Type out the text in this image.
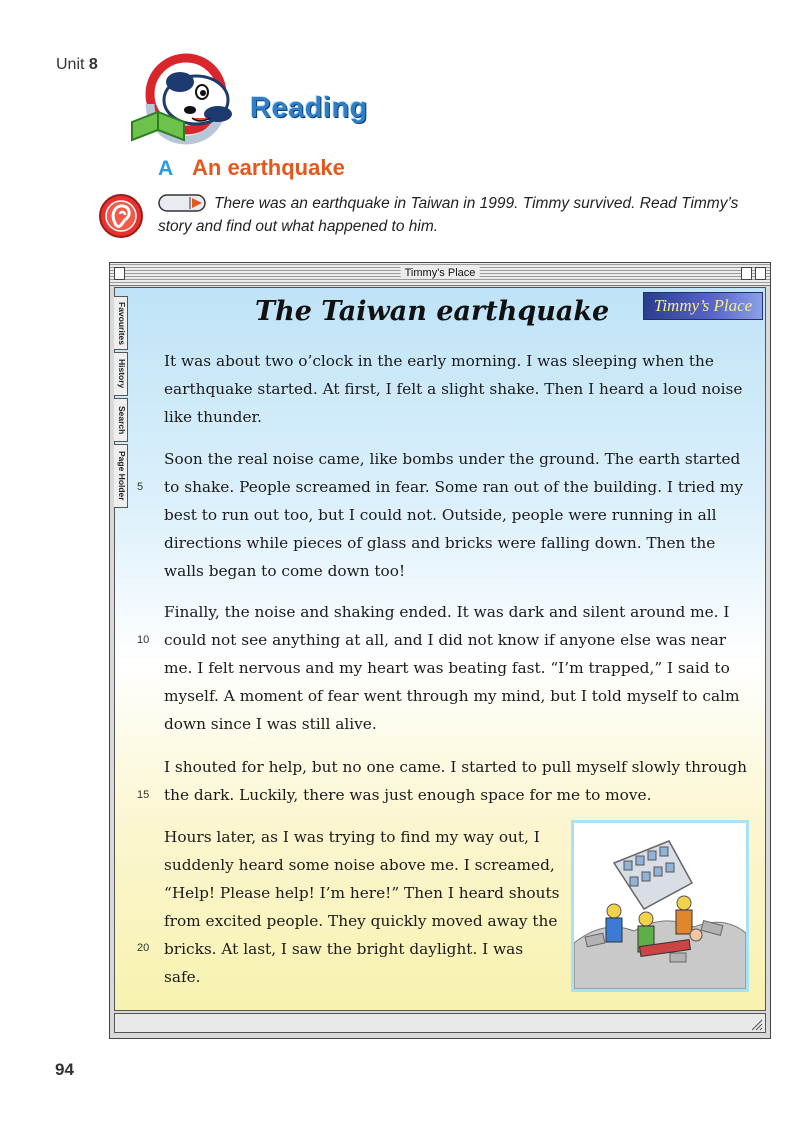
Unit 8
Reading
A An earthquake
There was an earthquake in Taiwan in 1999. Timmy survived. Read Timmy’s story and find out what happened to him.
Timmy's Place
Favourites
History
Search
Page Holder
Timmy’s Place
The Taiwan earthquake

It was about two o’clock in the early morning. I was sleeping when the earthquake started. At first, I felt a slight shake. Then I heard a loud noise like thunder.

Soon the real noise came, like bombs under the ground. The earth started to shake. People screamed in fear. Some ran out of the building. I tried my best to run out too, but I could not. Outside, people were running in all directions while pieces of glass and bricks were falling down. Then the walls began to come down too!

Finally, the noise and shaking ended. It was dark and silent around me. I could not see anything at all, and I did not know if anyone else was near me. I felt nervous and my heart was beating fast. “I’m trapped,” I said to myself. A moment of fear went through my mind, but I told myself to calm down since I was still alive.

I shouted for help, but no one came. I started to pull myself slowly through the dark. Luckily, there was just enough space for me to move.

Hours later, as I was trying to find my way out, I suddenly heard some noise above me. I screamed, “Help! Please help! I’m here!” Then I heard shouts from excited people. They quickly moved away the bricks. At last, I saw the bright daylight. I was safe.

5
10
15
20
94
